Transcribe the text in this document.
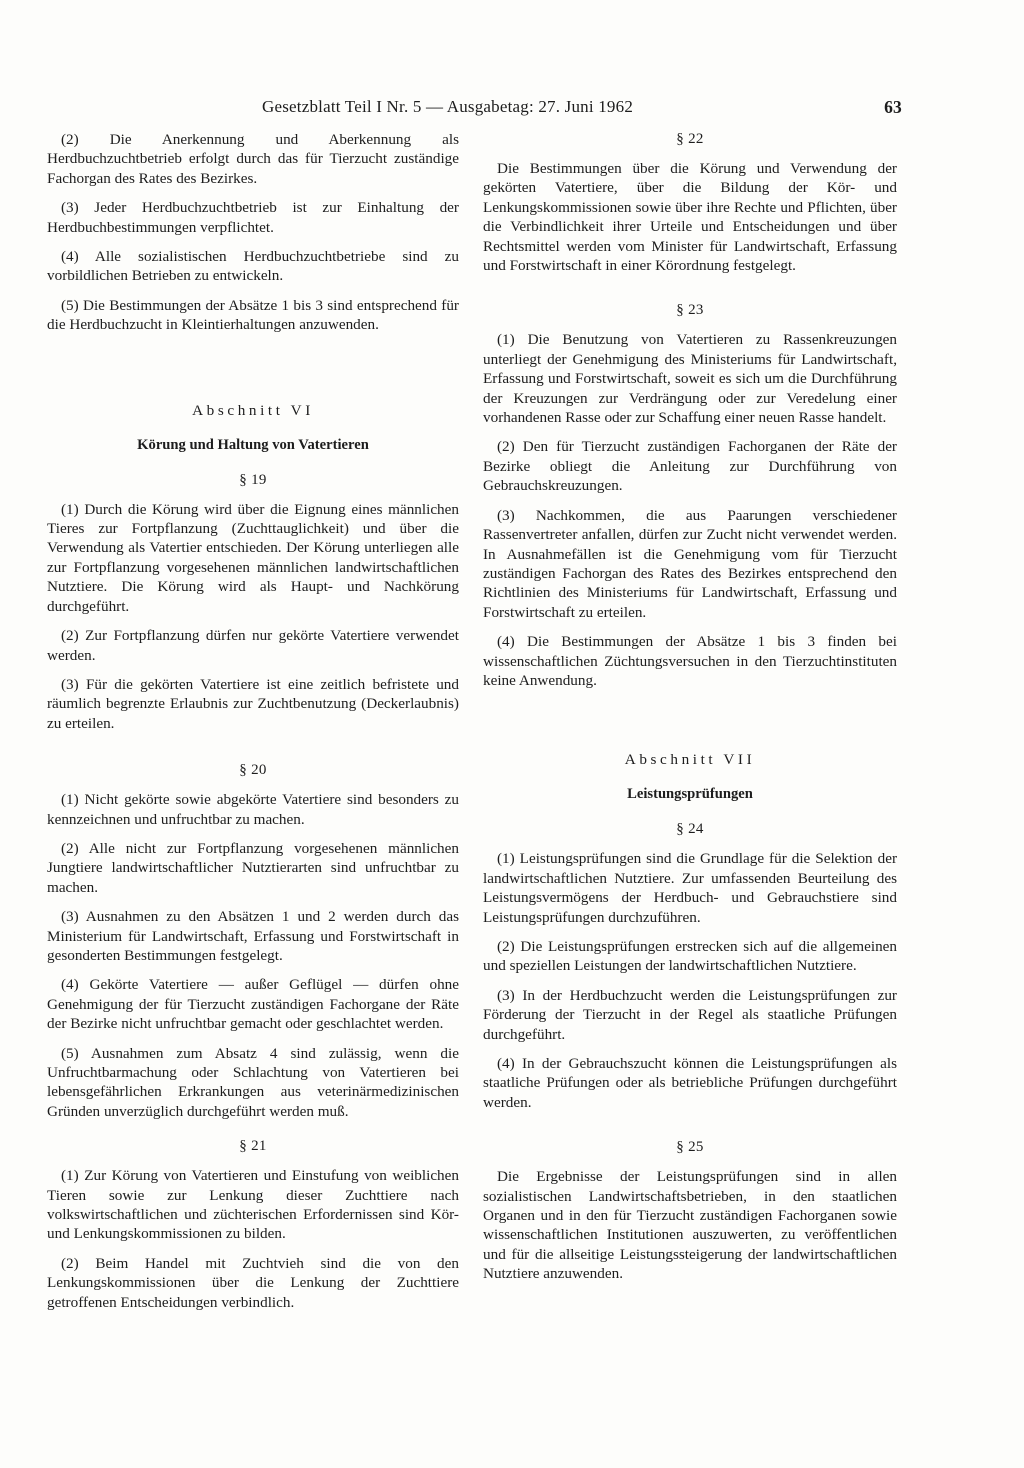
Gesetzblatt Teil I Nr. 5 — Ausgabetag: 27. Juni 1962	63

(2) Die Anerkennung und Aberkennung als Herdbuchzuchtbetrieb erfolgt durch das für Tierzucht zuständige Fachorgan des Rates des Bezirkes.

(3) Jeder Herdbuchzuchtbetrieb ist zur Einhaltung der Herdbuchbestimmungen verpflichtet.

(4) Alle sozialistischen Herdbuchzuchtbetriebe sind zu vorbildlichen Betrieben zu entwickeln.

(5) Die Bestimmungen der Absätze 1 bis 3 sind entsprechend für die Herdbuchzucht in Kleintierhaltungen anzuwenden.

Abschnitt VI

Körung und Haltung von Vatertieren

§ 19

(1) Durch die Körung wird über die Eignung eines männlichen Tieres zur Fortpflanzung (Zuchttauglichkeit) und über die Verwendung als Vatertier entschieden. Der Körung unterliegen alle zur Fortpflanzung vorgesehenen männlichen landwirtschaftlichen Nutztiere. Die Körung wird als Haupt- und Nachkörung durchgeführt.

(2) Zur Fortpflanzung dürfen nur gekörte Vatertiere verwendet werden.

(3) Für die gekörten Vatertiere ist eine zeitlich befristete und räumlich begrenzte Erlaubnis zur Zuchtbenutzung (Deckerlaubnis) zu erteilen.

§ 20

(1) Nicht gekörte sowie abgekörte Vatertiere sind besonders zu kennzeichnen und unfruchtbar zu machen.

(2) Alle nicht zur Fortpflanzung vorgesehenen männlichen Jungtiere landwirtschaftlicher Nutztierarten sind unfruchtbar zu machen.

(3) Ausnahmen zu den Absätzen 1 und 2 werden durch das Ministerium für Landwirtschaft, Erfassung und Forstwirtschaft in gesonderten Bestimmungen festgelegt.

(4) Gekörte Vatertiere — außer Geflügel — dürfen ohne Genehmigung der für Tierzucht zuständigen Fachorgane der Räte der Bezirke nicht unfruchtbar gemacht oder geschlachtet werden.

(5) Ausnahmen zum Absatz 4 sind zulässig, wenn die Unfruchtbarmachung oder Schlachtung von Vatertieren bei lebensgefährlichen Erkrankungen aus veterinärmedizinischen Gründen unverzüglich durchgeführt werden muß.

§ 21

(1) Zur Körung von Vatertieren und Einstufung von weiblichen Tieren sowie zur Lenkung dieser Zuchttiere nach volkswirtschaftlichen und züchterischen Erfordernissen sind Kör- und Lenkungskommissionen zu bilden.

(2) Beim Handel mit Zuchtvieh sind die von den Lenkungskommissionen über die Lenkung der Zuchttiere getroffenen Entscheidungen verbindlich.

§ 22

Die Bestimmungen über die Körung und Verwendung der gekörten Vatertiere, über die Bildung der Kör- und Lenkungskommissionen sowie über ihre Rechte und Pflichten, über die Verbindlichkeit ihrer Urteile und Entscheidungen und über Rechtsmittel werden vom Minister für Landwirtschaft, Erfassung und Forstwirtschaft in einer Körordnung festgelegt.

§ 23

(1) Die Benutzung von Vatertieren zu Rassenkreuzungen unterliegt der Genehmigung des Ministeriums für Landwirtschaft, Erfassung und Forstwirtschaft, soweit es sich um die Durchführung der Kreuzungen zur Verdrängung oder zur Veredelung einer vorhandenen Rasse oder zur Schaffung einer neuen Rasse handelt.

(2) Den für Tierzucht zuständigen Fachorganen der Räte der Bezirke obliegt die Anleitung zur Durchführung von Gebrauchskreuzungen.

(3) Nachkommen, die aus Paarungen verschiedener Rassenvertreter anfallen, dürfen zur Zucht nicht verwendet werden. In Ausnahmefällen ist die Genehmigung vom für Tierzucht zuständigen Fachorgan des Rates des Bezirkes entsprechend den Richtlinien des Ministeriums für Landwirtschaft, Erfassung und Forstwirtschaft zu erteilen.

(4) Die Bestimmungen der Absätze 1 bis 3 finden bei wissenschaftlichen Züchtungsversuchen in den Tierzuchtinstituten keine Anwendung.

Abschnitt VII

Leistungsprüfungen

§ 24

(1) Leistungsprüfungen sind die Grundlage für die Selektion der landwirtschaftlichen Nutztiere. Zur umfassenden Beurteilung des Leistungsvermögens der Herdbuch- und Gebrauchstiere sind Leistungsprüfungen durchzuführen.

(2) Die Leistungsprüfungen erstrecken sich auf die allgemeinen und speziellen Leistungen der landwirtschaftlichen Nutztiere.

(3) In der Herdbuchzucht werden die Leistungsprüfungen zur Förderung der Tierzucht in der Regel als staatliche Prüfungen durchgeführt.

(4) In der Gebrauchszucht können die Leistungsprüfungen als staatliche Prüfungen oder als betriebliche Prüfungen durchgeführt werden.

§ 25

Die Ergebnisse der Leistungsprüfungen sind in allen sozialistischen Landwirtschaftsbetrieben, in den staatlichen Organen und in den für Tierzucht zuständigen Fachorganen sowie wissenschaftlichen Institutionen auszuwerten, zu veröffentlichen und für die allseitige Leistungssteigerung der landwirtschaftlichen Nutztiere anzuwenden.
